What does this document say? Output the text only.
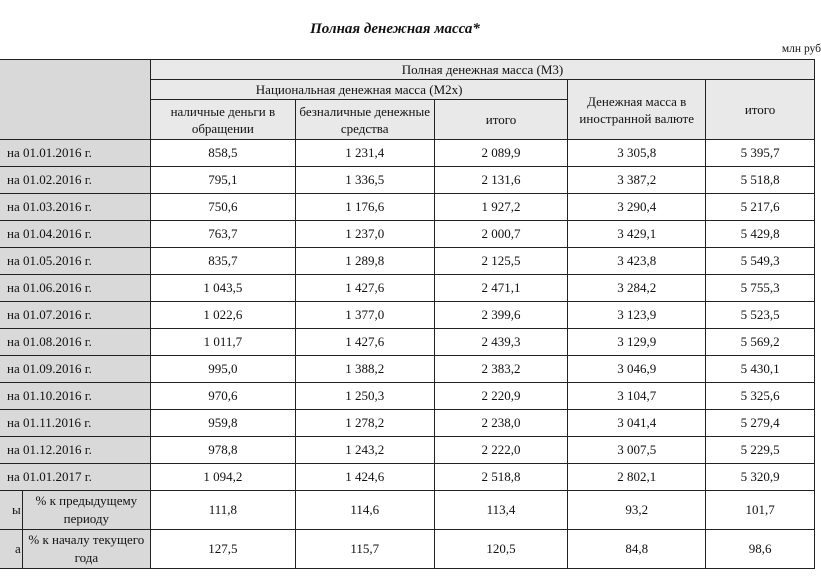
Полная денежная масса*
млн руб
		Полная денежная масса (М3)				
		Национальная денежная масса (М2х)			Денежная масса в иностранной валюте	итого
		наличные деньги в обращении	безналичные денежные средства	итого		
на 01.01.2016 г.		858,5	1 231,4	2 089,9	3 305,8	5 395,7
на 01.02.2016 г.		795,1	1 336,5	2 131,6	3 387,2	5 518,8
на 01.03.2016 г.		750,6	1 176,6	1 927,2	3 290,4	5 217,6
на 01.04.2016 г.		763,7	1 237,0	2 000,7	3 429,1	5 429,8
на 01.05.2016 г.		835,7	1 289,8	2 125,5	3 423,8	5 549,3
на 01.06.2016 г.		1 043,5	1 427,6	2 471,1	3 284,2	5 755,3
на 01.07.2016 г.		1 022,6	1 377,0	2 399,6	3 123,9	5 523,5
на 01.08.2016 г.		1 011,7	1 427,6	2 439,3	3 129,9	5 569,2
на 01.09.2016 г.		995,0	1 388,2	2 383,2	3 046,9	5 430,1
на 01.10.2016 г.		970,6	1 250,3	2 220,9	3 104,7	5 325,6
на 01.11.2016 г.		959,8	1 278,2	2 238,0	3 041,4	5 279,4
на 01.12.2016 г.		978,8	1 243,2	2 222,0	3 007,5	5 229,5
на 01.01.2017 г.		1 094,2	1 424,6	2 518,8	2 802,1	5 320,9
ы	% к предыдущему периоду	111,8	114,6	113,4	93,2	101,7
а	% к началу текущего года	127,5	115,7	120,5	84,8	98,6
